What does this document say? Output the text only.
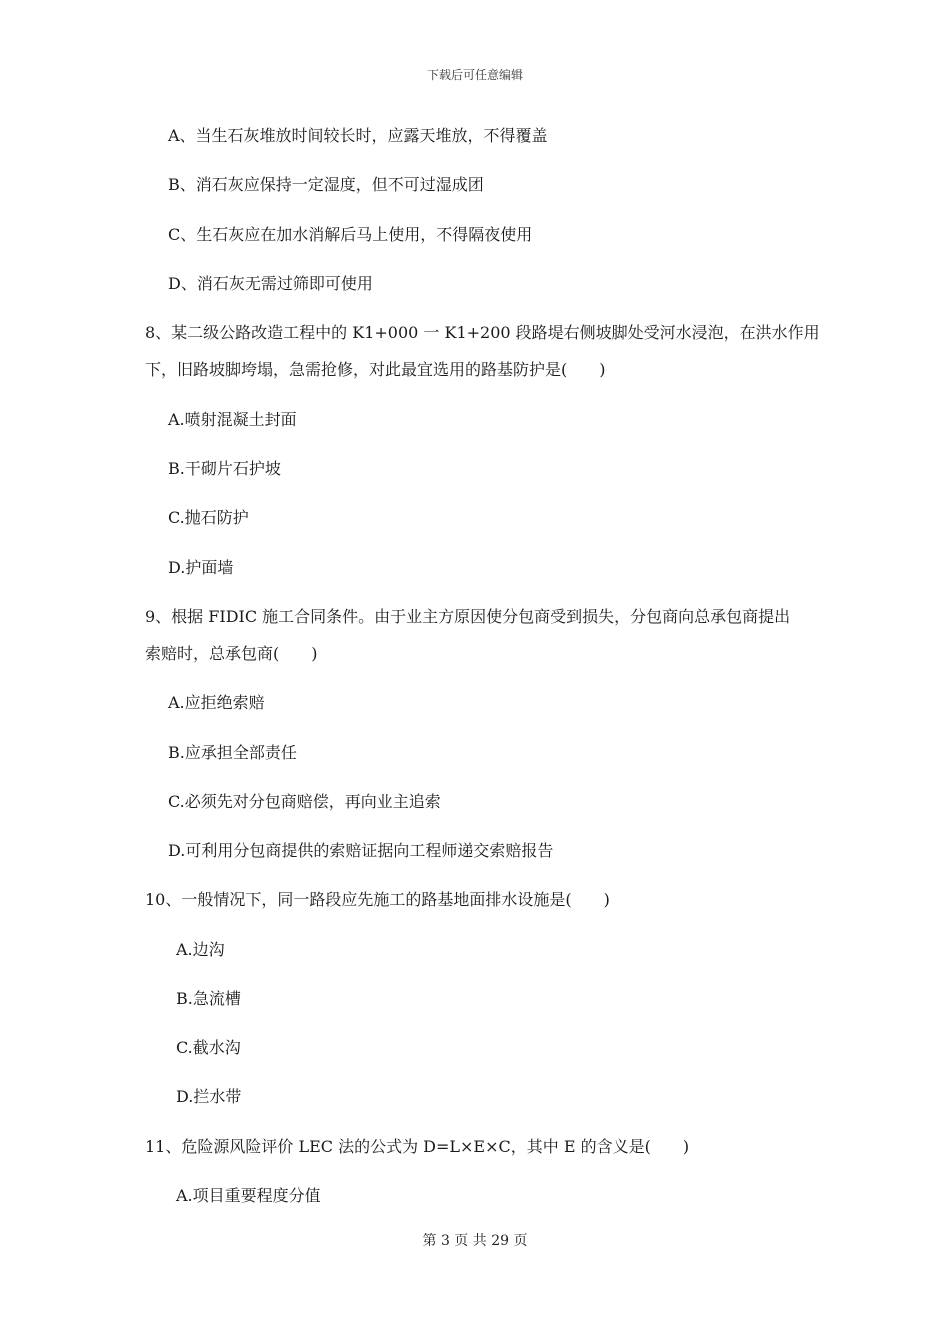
下载后可任意编辑
A、当生石灰堆放时间较长时，应露天堆放，不得覆盖
B、消石灰应保持一定湿度，但不可过湿成团
C、生石灰应在加水消解后马上使用，不得隔夜使用
D、消石灰无需过筛即可使用
8、某二级公路改造工程中的 K1+000 一 K1+200 段路堤右侧坡脚处受河水浸泡，在洪水作用
下，旧路坡脚垮塌，急需抢修，对此最宜选用的路基防护是(　　)
A.喷射混凝土封面
B.干砌片石护坡
C.抛石防护
D.护面墙
9、根据 FIDIC 施工合同条件。由于业主方原因使分包商受到损失，分包商向总承包商提出
索赔时，总承包商(　　)
A.应拒绝索赔
B.应承担全部责任
C.必须先对分包商赔偿，再向业主追索
D.可利用分包商提供的索赔证据向工程师递交索赔报告
10、一般情况下，同一路段应先施工的路基地面排水设施是(　　)
A.边沟
B.急流槽
C.截水沟
D.拦水带
11、危险源风险评价 LEC 法的公式为 D=L×E×C，其中 E 的含义是(　　)
A.项目重要程度分值
第 3 页 共 29 页
